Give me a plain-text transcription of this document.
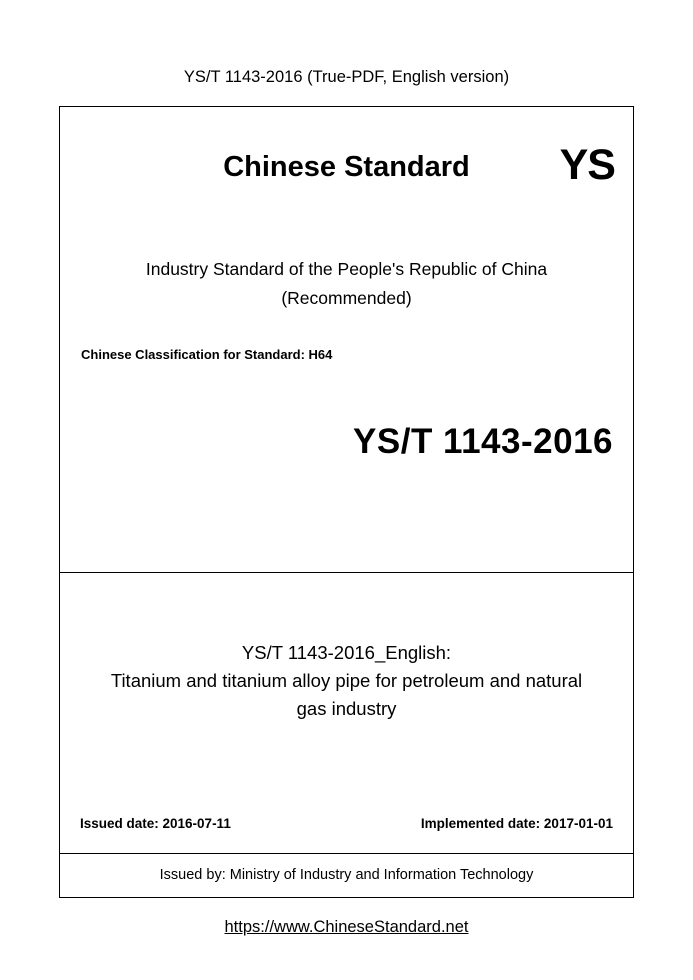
YS/T 1143-2016 (True-PDF, English version)
Chinese Standard	YS
Industry Standard of the People's Republic of China
(Recommended)
Chinese Classification for Standard: H64
YS/T 1143-2016
YS/T 1143-2016_English:
Titanium and titanium alloy pipe for petroleum and natural
gas industry
Issued date: 2016-07-11	Implemented date: 2017-01-01
Issued by: Ministry of Industry and Information Technology
https://www.ChineseStandard.net
